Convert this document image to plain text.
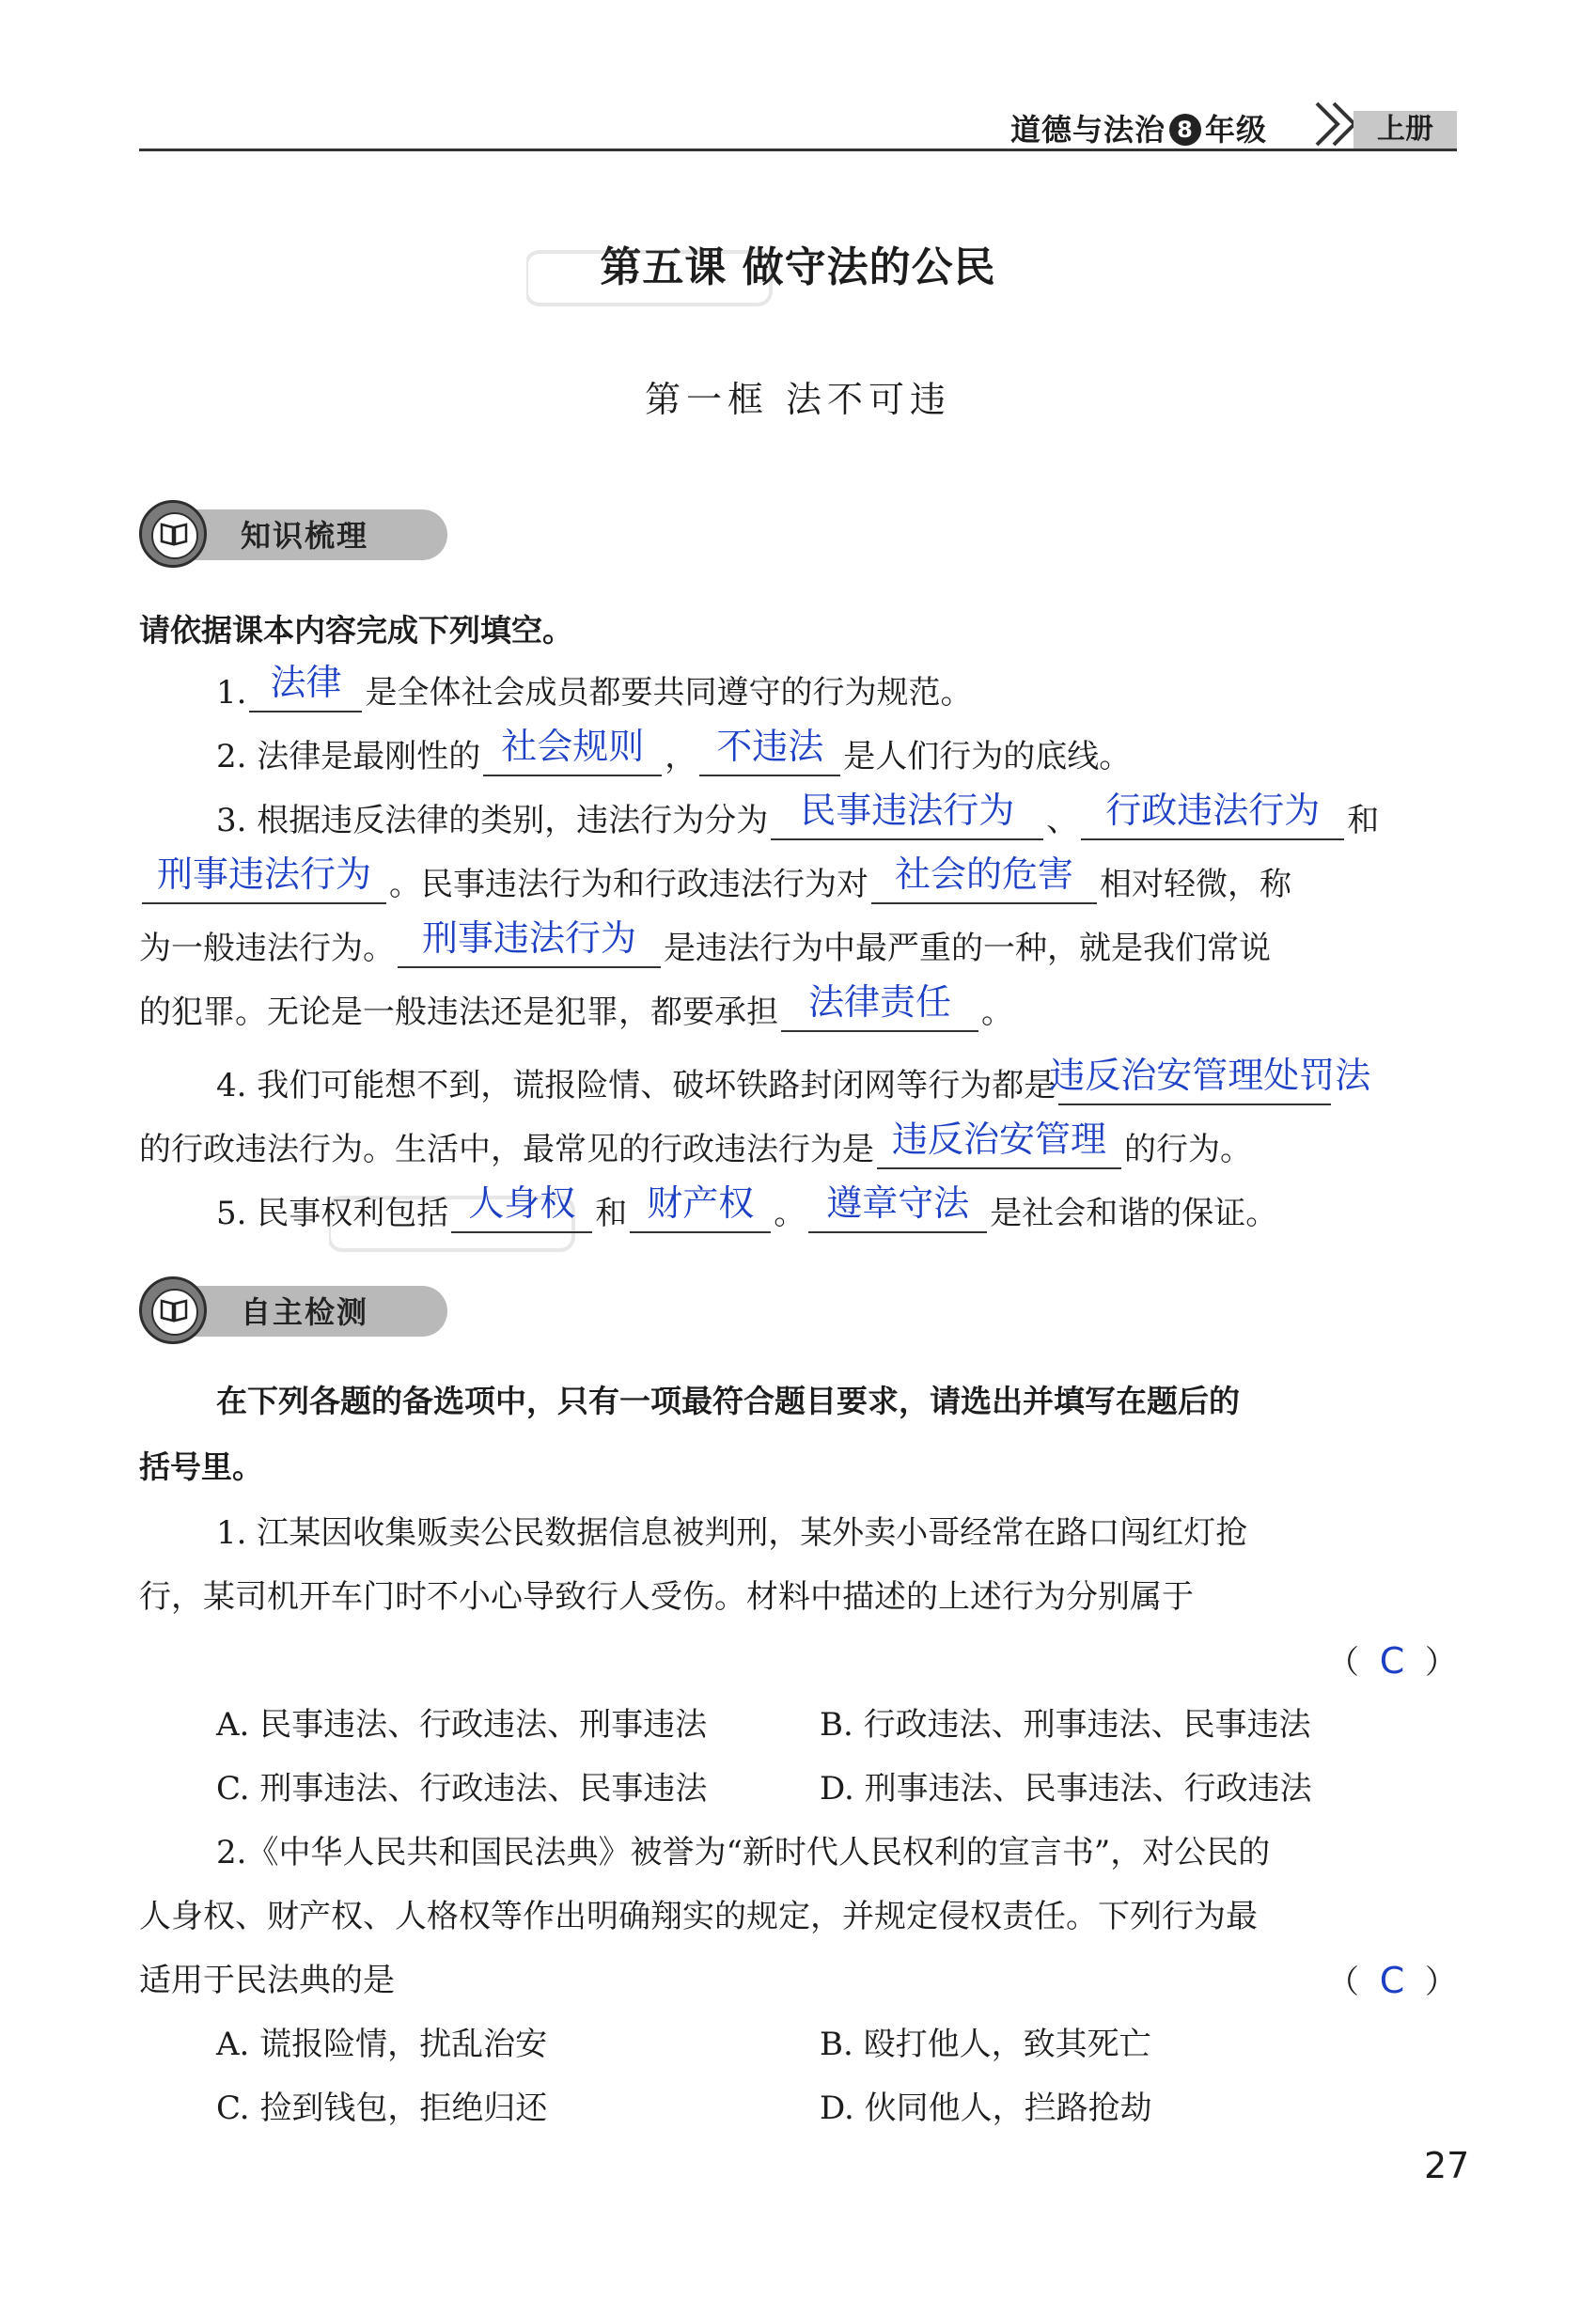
道德与法治 8 年级	上册
第五课 做守法的公民
第一框 法不可违
知识梳理
请依据课本内容完成下列填空。
1. 法律 是全体社会成员都要共同遵守的行为规范。
2. 法律是最刚性的 社会规则 ， 不违法 是人们行为的底线。
3. 根据违反法律的类别，违法行为分为 民事违法行为	、 行政违法行为 和
刑事违法行为 。民事违法行为和行政违法行为对 社会的危害 相对轻微，称
为一般违法行为。 刑事违法行为 是违法行为中最严重的一种，就是我们常说
的犯罪。无论是一般违法还是犯罪，都要承担 法律责任 。
4. 我们可能想不到，谎报险情、破坏铁路封闭网等行为都是
违反治安管理处罚法
的行政违法行为。生活中，最常见的行政违法行为是 违反治安管理 的行为。
5. 民事权利包括 人身权 和 财产权 。 遵章守法 是社会和谐的保证。
自主检测
在下列各题的备选项中，只有一项最符合题目要求，请选出并填写在题后的
括号里。
1. 江某因收集贩卖公民数据信息被判刑，某外卖小哥经常在路口闯红灯抢
行，某司机开车门时不小心导致行人受伤。材料中描述的上述行为分别属于
（ C ）
A. 民事违法、行政违法、刑事违法	B. 行政违法、刑事违法、民事违法
C. 刑事违法、行政违法、民事违法	D. 刑事违法、民事违法、行政违法
2.《中华人民共和国民法典》被誉为“新时代人民权利的宣言书”，对公民的
人身权、财产权、人格权等作出明确翔实的规定，并规定侵权责任。下列行为最
适用于民法典的是	（ C ）
A. 谎报险情，扰乱治安	B. 殴打他人，致其死亡
C. 捡到钱包，拒绝归还	D. 伙同他人，拦路抢劫
27
